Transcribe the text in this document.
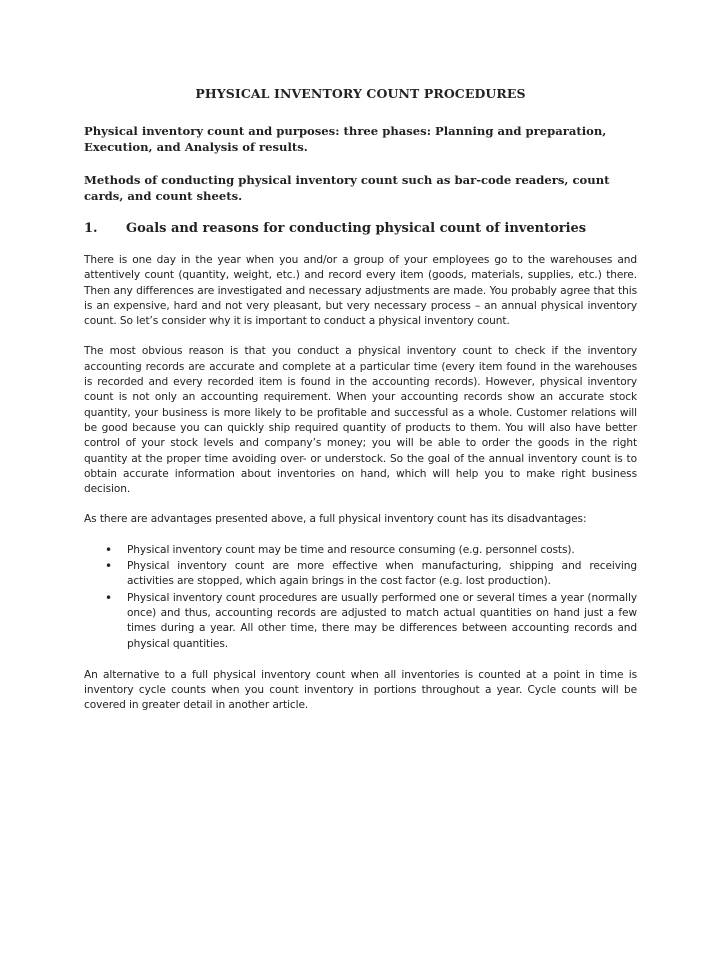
PHYSICAL INVENTORY COUNT PROCEDURES

Physical inventory count and purposes: three phases: Planning and preparation, Execution, and Analysis of results.

Methods of conducting physical inventory count such as bar-code readers, count cards, and count sheets.

1.	Goals and reasons for conducting physical count of inventories

There is one day in the year when you and/or a group of your employees go to the warehouses and attentively count (quantity, weight, etc.) and record every item (goods, materials, supplies, etc.) there. Then any differences are investigated and necessary adjustments are made. You probably agree that this is an expensive, hard and not very pleasant, but very necessary process – an annual physical inventory count. So let’s consider why it is important to conduct a physical inventory count.

The most obvious reason is that you conduct a physical inventory count to check if the inventory accounting records are accurate and complete at a particular time (every item found in the warehouses is recorded and every recorded item is found in the accounting records). However, physical inventory count is not only an accounting requirement. When your accounting records show an accurate stock quantity, your business is more likely to be profitable and successful as a whole. Customer relations will be good because you can quickly ship required quantity of products to them. You will also have better control of your stock levels and company’s money; you will be able to order the goods in the right quantity at the proper time avoiding over- or understock. So the goal of the annual inventory count is to obtain accurate information about inventories on hand, which will help you to make right business decision.

As there are advantages presented above, a full physical inventory count has its disadvantages:

• Physical inventory count may be time and resource consuming (e.g. personnel costs).
• Physical inventory count are more effective when manufacturing, shipping and receiving activities are stopped, which again brings in the cost factor (e.g. lost production).
• Physical inventory count procedures are usually performed one or several times a year (normally once) and thus, accounting records are adjusted to match actual quantities on hand just a few times during a year. All other time, there may be differences between accounting records and physical quantities.

An alternative to a full physical inventory count when all inventories is counted at a point in time is inventory cycle counts when you count inventory in portions throughout a year. Cycle counts will be covered in greater detail in another article.
